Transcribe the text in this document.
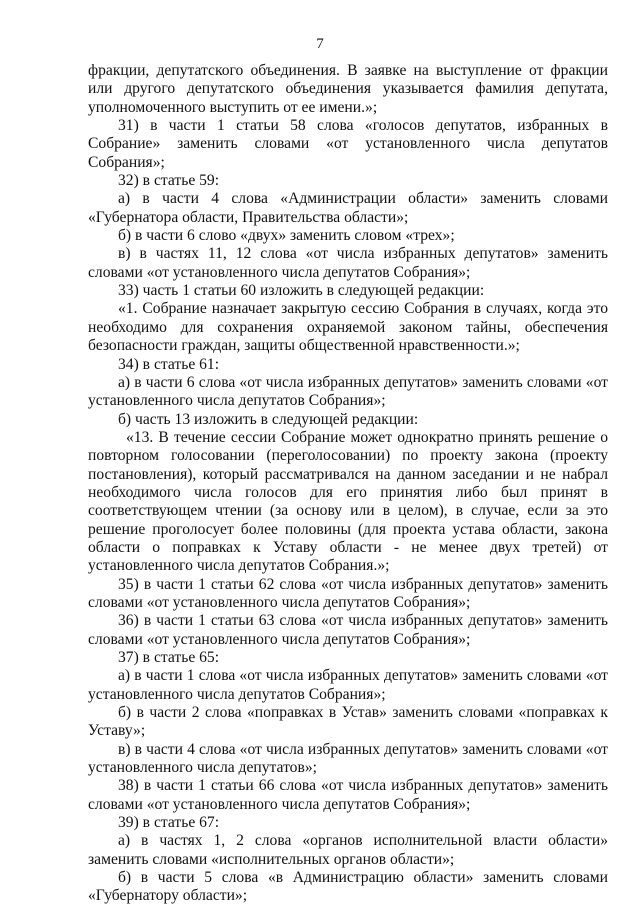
7

фракции, депутатского объединения. В заявке на выступление от фракции или другого депутатского объединения указывается фамилия депутата, уполномоченного выступить от ее имени.»;

31) в части 1 статьи 58 слова «голосов депутатов, избранных в Собрание» заменить словами «от установленного числа депутатов Собрания»;

32) в статье 59:

а) в части 4 слова «Администрации области» заменить словами «Губернатора области, Правительства области»;

б) в части 6 слово «двух» заменить словом «трех»;

в) в частях 11, 12 слова «от числа избранных депутатов» заменить словами «от установленного числа депутатов Собрания»;

33) часть 1 статьи 60 изложить в следующей редакции:

«1. Собрание назначает закрытую сессию Собрания в случаях, когда это необходимо для сохранения охраняемой законом тайны, обеспечения безопасности граждан, защиты общественной нравственности.»;

34) в статье 61:

а) в части 6 слова «от числа избранных депутатов» заменить словами «от установленного числа депутатов Собрания»;

б) часть 13 изложить в следующей редакции:

«13. В течение сессии Собрание может однократно принять решение о повторном голосовании (переголосовании) по проекту закона (проекту постановления), который рассматривался на данном заседании и не набрал необходимого числа голосов для его принятия либо был принят в соответствующем чтении (за основу или в целом), в случае, если за это решение проголосует более половины (для проекта устава области, закона области о поправках к Уставу области - не менее двух третей) от установленного числа депутатов Собрания.»;

35) в части 1 статьи 62 слова «от числа избранных депутатов» заменить словами «от установленного числа депутатов Собрания»;

36) в части 1 статьи 63 слова «от числа избранных депутатов» заменить словами «от установленного числа депутатов Собрания»;

37) в статье 65:

а) в части 1 слова «от числа избранных депутатов» заменить словами «от установленного числа депутатов Собрания»;

б) в части 2 слова «поправках в Устав» заменить словами «поправках к Уставу»;

в) в части 4 слова «от числа избранных депутатов» заменить словами «от установленного числа депутатов»;

38) в части 1 статьи 66 слова «от числа избранных депутатов» заменить словами «от установленного числа депутатов Собрания»;

39) в статье 67:

а) в частях 1, 2 слова «органов исполнительной власти области» заменить словами «исполнительных органов области»;

б) в части 5 слова «в Администрацию области» заменить словами «Губернатору области»;
